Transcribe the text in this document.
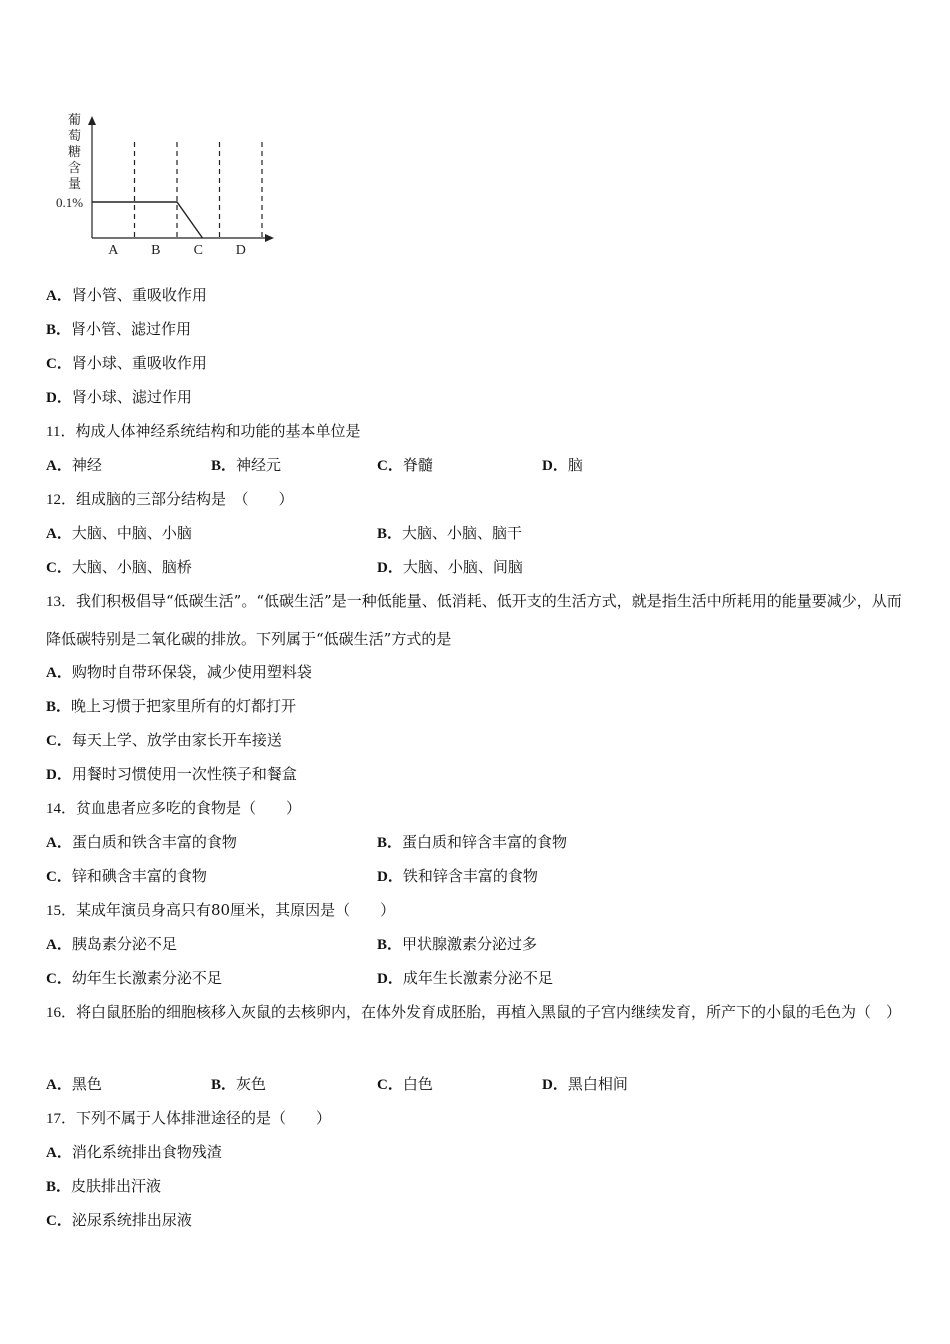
葡
萄
糖
含
量
0.1%
A B C D
A．肾小管、重吸收作用
B．肾小管、滤过作用
C．肾小球、重吸收作用
D．肾小球、滤过作用
11．构成人体神经系统结构和功能的基本单位是
A．神经	B．神经元	C．脊髓	D．脑
12．组成脑的三部分结构是　（　　）
A．大脑、中脑、小脑	B．大脑、小脑、脑干
C．大脑、小脑、脑桥	D．大脑、小脑、间脑
13．我们积极倡导“低碳生活”。“低碳生活”是一种低能量、低消耗、低开支的生活方式，就是指生活中所耗用的能量要减少，从而降低碳特别是二氧化碳的排放。下列属于“低碳生活”方式的是
A．购物时自带环保袋，减少使用塑料袋
B．晚上习惯于把家里所有的灯都打开
C．每天上学、放学由家长开车接送
D．用餐时习惯使用一次性筷子和餐盒
14．贫血患者应多吃的食物是（　　）
A．蛋白质和铁含丰富的食物	B．蛋白质和锌含丰富的食物
C．锌和碘含丰富的食物	D．铁和锌含丰富的食物
15．某成年演员身高只有80厘米，其原因是（　　）
A．胰岛素分泌不足	B．甲状腺激素分泌过多
C．幼年生长激素分泌不足	D．成年生长激素分泌不足
16．将白鼠胚胎的细胞核移入灰鼠的去核卵内，在体外发育成胚胎，再植入黑鼠的子宫内继续发育，所产下的小鼠的毛色为（　）
A．黑色	B．灰色	C．白色	D．黑白相间
17．下列不属于人体排泄途径的是（　　）
A．消化系统排出食物残渣
B．皮肤排出汗液
C．泌尿系统排出尿液
